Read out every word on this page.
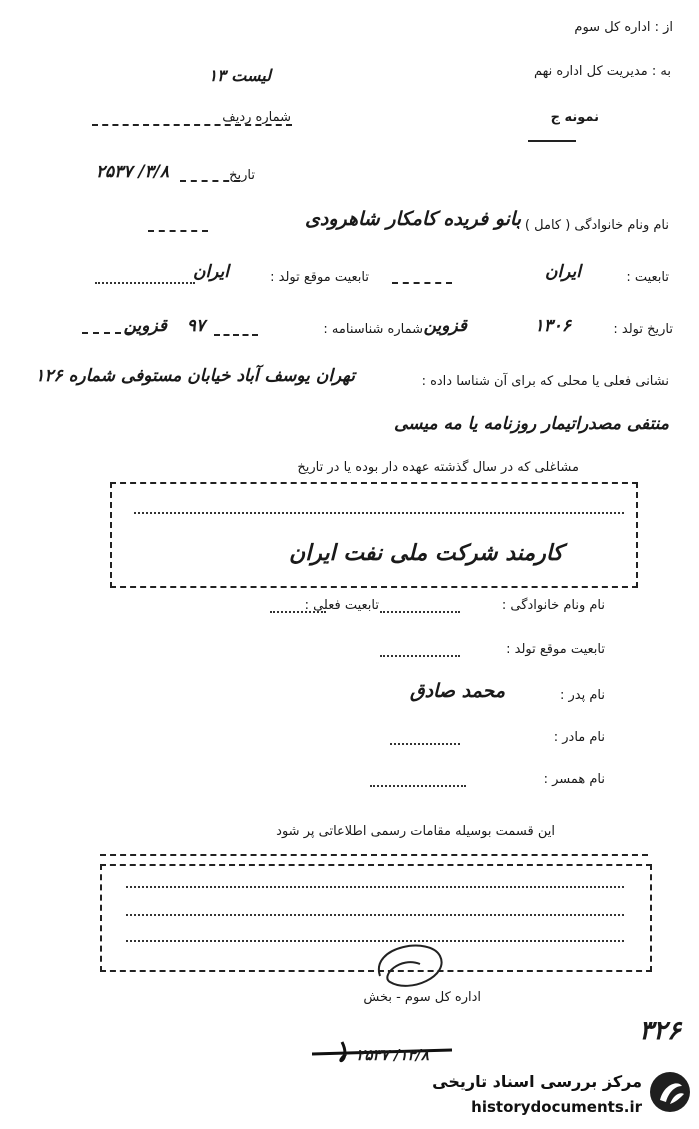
از : اداره کل سوم
به : مدیریت کل اداره نهم
لیست ۱۳
شماره ردیف	نمونه ج
تاریخ
۳/۸/ ۲۵۳۷
نام ونام خانوادگی ( کامل ) :
بانو فریده کامکار شاهرودی
تابعیت :
ایران
تابعیت موقع تولد :
ایران
تاریخ تولد :
۱۳۰۶
قزوین
شماره شناسنامه :
۹۷
قزوین
نشانی فعلی یا محلی که برای آن شناسا داده :
تهران یوسف آباد خیابان مستوفی شماره ۱۲۶
منتفی مصدراتیمار روزنامه یا مه میسی
مشاغلی که در سال گذشته عهده دار بوده یا در تاریخ
کارمند شرکت ملی نفت ایران
نام ونام خانوادگی :
تابعیت فعلی :
تابعیت موقع تولد :
نام پدر :
محمد صادق
نام مادر :
نام همسر :
این قسمت بوسیله مقامات رسمی اطلاعاتی پر شود
اداره کل سوم - بخش
۱۳/۸/ ۲۵۳۷
۳۲۶
مرکز بررسی اسناد تاریخی
historydocuments.ir
